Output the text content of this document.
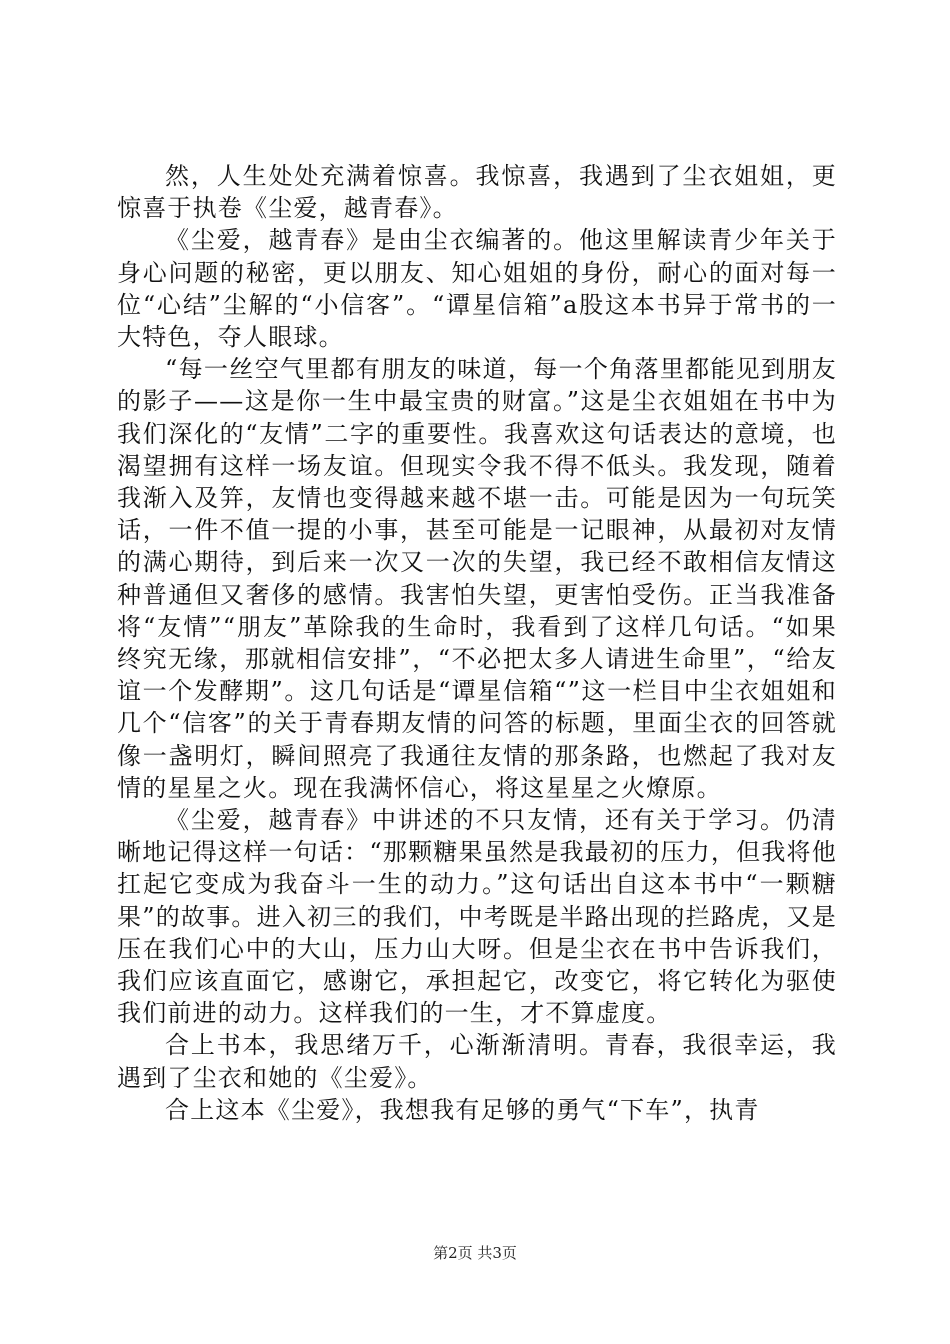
然，人生处处充满着惊喜。我惊喜，我遇到了尘衣姐姐，更惊喜于执卷《尘爱，越青春》。

《尘爱，越青春》是由尘衣编著的。他这里解读青少年关于身心问题的秘密，更以朋友、知心姐姐的身份，耐心的面对每一位“心结”尘解的“小信客”。“谭星信箱”a股这本书异于常书的一大特色，夺人眼球。

“每一丝空气里都有朋友的味道，每一个角落里都能见到朋友的影子——这是你一生中最宝贵的财富。”这是尘衣姐姐在书中为我们深化的“友情”二字的重要性。我喜欢这句话表达的意境，也渴望拥有这样一场友谊。但现实令我不得不低头。我发现，随着我渐入及笄，友情也变得越来越不堪一击。可能是因为一句玩笑话，一件不值一提的小事，甚至可能是一记眼神，从最初对友情的满心期待，到后来一次又一次的失望，我已经不敢相信友情这种普通但又奢侈的感情。我害怕失望，更害怕受伤。正当我准备将“友情”“朋友”革除我的生命时，我看到了这样几句话。“如果终究无缘，那就相信安排”，“不必把太多人请进生命里”，“给友谊一个发酵期”。这几句话是“谭星信箱“”这一栏目中尘衣姐姐和几个“信客”的关于青春期友情的问答的标题，里面尘衣的回答就像一盏明灯，瞬间照亮了我通往友情的那条路，也燃起了我对友情的星星之火。现在我满怀信心，将这星星之火燎原。

《尘爱，越青春》中讲述的不只友情，还有关于学习。仍清晰地记得这样一句话：“那颗糖果虽然是我最初的压力，但我将他扛起它变成为我奋斗一生的动力。”这句话出自这本书中“一颗糖果”的故事。进入初三的我们，中考既是半路出现的拦路虎，又是压在我们心中的大山，压力山大呀。但是尘衣在书中告诉我们，我们应该直面它，感谢它，承担起它，改变它，将它转化为驱使我们前进的动力。这样我们的一生，才不算虚度。

合上书本，我思绪万千，心渐渐清明。青春，我很幸运，我遇到了尘衣和她的《尘爱》。

合上这本《尘爱》，我想我有足够的勇气“下车”，执青

第2页 共3页
